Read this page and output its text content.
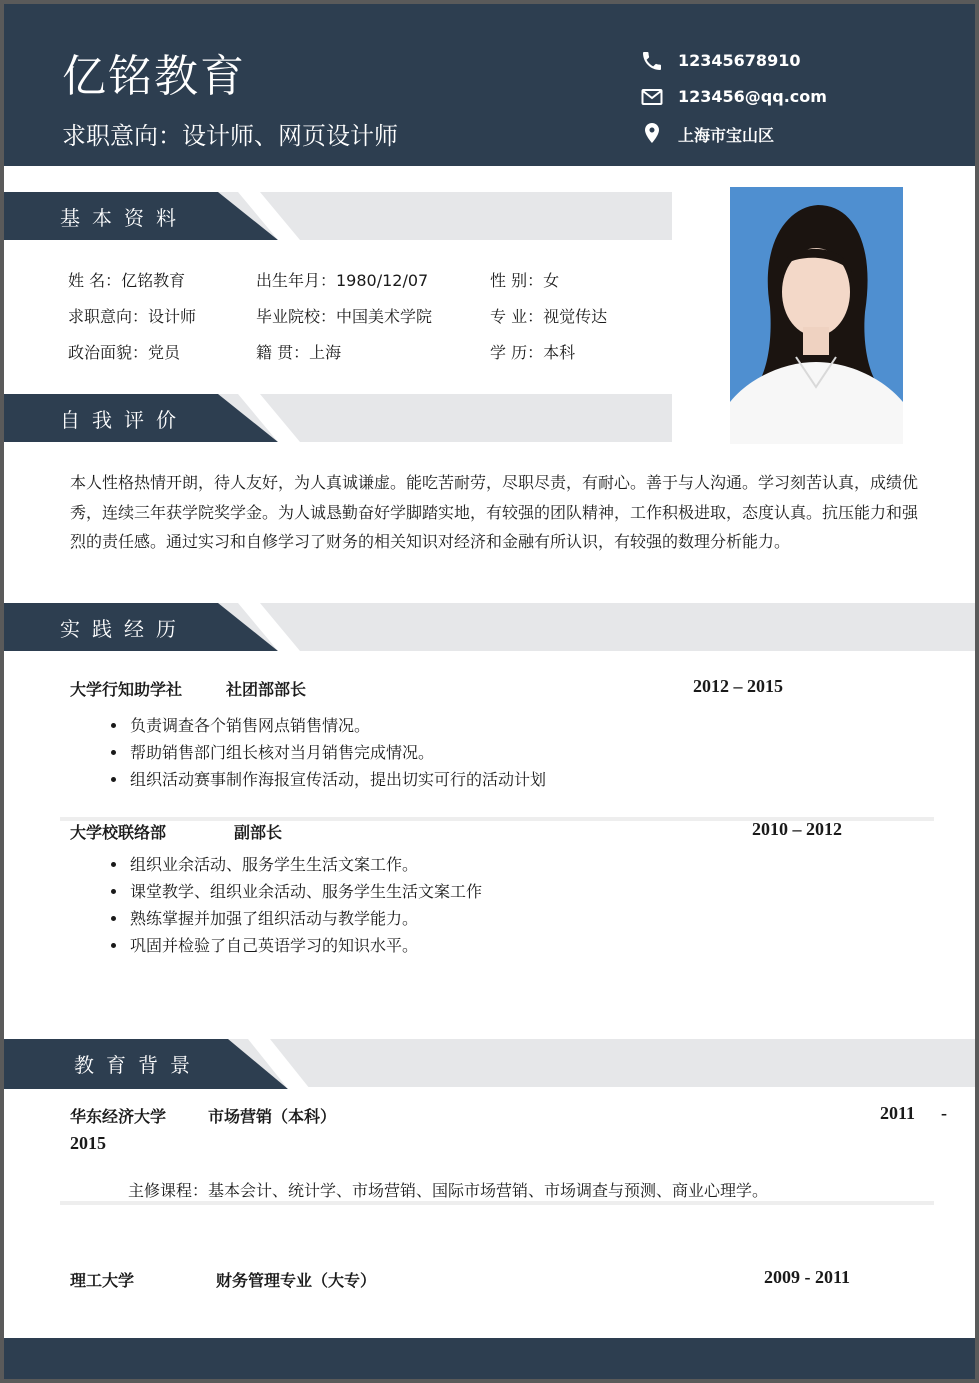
亿铭教育
求职意向：设计师、网页设计师
12345678910
123456@qq.com
上海市宝山区
基本资料
姓 名：亿铭教育	出生年月：1980/12/07	性 别：女
求职意向：设计师	毕业院校：中国美术学院	专 业：视觉传达
政治面貌：党员	籍 贯：上海	学 历：本科
自我评价
本人性格热情开朗，待人友好，为人真诚谦虚。能吃苦耐劳，尽职尽责，有耐心。善于与人沟通。学习刻苦认真，成绩优秀，连续三年获学院奖学金。为人诚恳勤奋好学脚踏实地，有较强的团队精神，工作积极进取，态度认真。抗压能力和强烈的责任感。通过实习和自修学习了财务的相关知识对经济和金融有所认识，有较强的数理分析能力。
实践经历
大学行知助学社	社团部部长	2012 – 2015
• 负责调查各个销售网点销售情况。
• 帮助销售部门组长核对当月销售完成情况。
• 组织活动赛事制作海报宣传活动，提出切实可行的活动计划
大学校联络部	副部长	2010 – 2012
• 组织业余活动、服务学生生活文案工作。
• 课堂教学、组织业余活动、服务学生生活文案工作
• 熟练掌握并加强了组织活动与教学能力。
• 巩固并检验了自己英语学习的知识水平。
教育背景
华东经济大学	市场营销（本科）	2011 -
2015
主修课程：基本会计、统计学、市场营销、国际市场营销、市场调查与预测、商业心理学。
理工大学	财务管理专业（大专）	2009 - 2011
